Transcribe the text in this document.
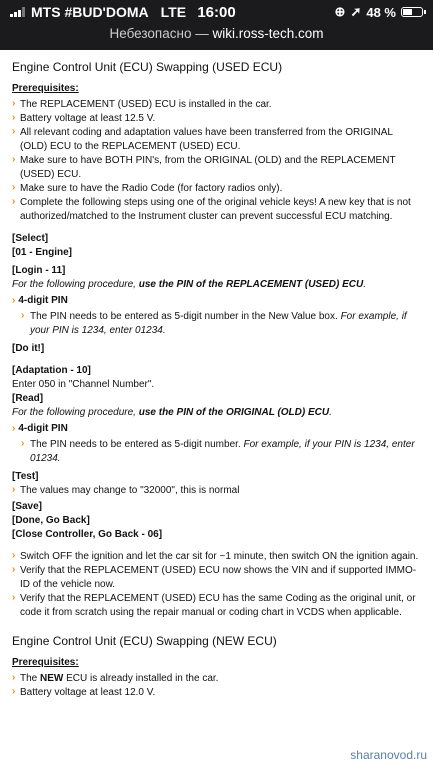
MTS #BUD'DOMA LTE 16:00	⊕ ➚ 48 %
Небезопасно — wiki.ross-tech.com
Engine Control Unit (ECU) Swapping (USED ECU)
Prerequisites:
› The REPLACEMENT (USED) ECU is installed in the car.
› Battery voltage at least 12.5 V.
› All relevant coding and adaptation values have been transferred from the ORIGINAL (OLD) ECU to the REPLACEMENT (USED) ECU.
› Make sure to have BOTH PIN's, from the ORIGINAL (OLD) and the REPLACEMENT (USED) ECU.
› Make sure to have the Radio Code (for factory radios only).
› Complete the following steps using one of the original vehicle keys! A new key that is not authorized/matched to the Instrument cluster can prevent successful ECU matching.
[Select]
[01 - Engine]
[Login - 11]
For the following procedure, use the PIN of the REPLACEMENT (USED) ECU.
› 4-digit PIN
› The PIN needs to be entered as 5-digit number in the New Value box. For example, if your PIN is 1234, enter 01234.
[Do it!]
[Adaptation - 10]
Enter 050 in "Channel Number".
[Read]
For the following procedure, use the PIN of the ORIGINAL (OLD) ECU.
› 4-digit PIN
› The PIN needs to be entered as 5-digit number. For example, if your PIN is 1234, enter 01234.
[Test]
› The values may change to "32000", this is normal
[Save]
[Done, Go Back]
[Close Controller, Go Back - 06]
› Switch OFF the ignition and let the car sit for ~1 minute, then switch ON the ignition again.
› Verify that the REPLACEMENT (USED) ECU now shows the VIN and if supported IMMO-ID of the vehicle now.
› Verify that the REPLACEMENT (USED) ECU has the same Coding as the original unit, or code it from scratch using the repair manual or coding chart in VCDS when applicable.
Engine Control Unit (ECU) Swapping (NEW ECU)
Prerequisites:
› The NEW ECU is already installed in the car.
› Battery voltage at least 12.0 V.
sharanovod.ru
